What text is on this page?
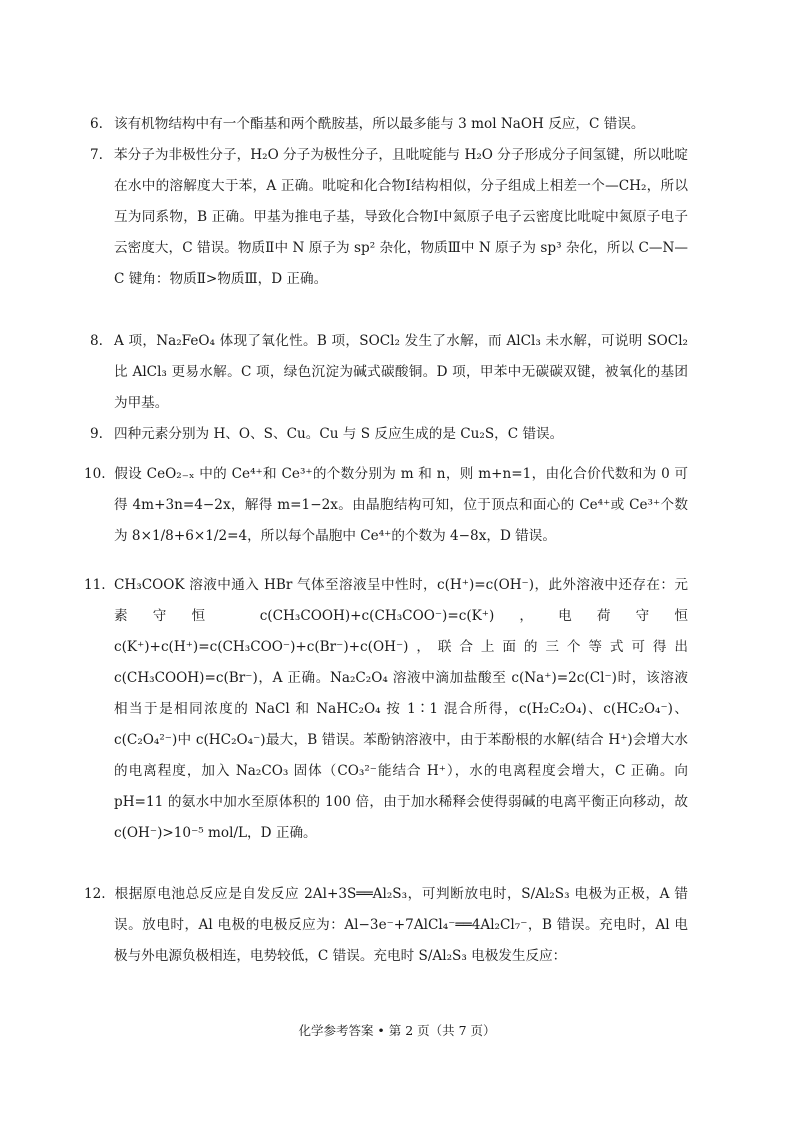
6. 该有机物结构中有一个酯基和两个酰胺基，所以最多能与 3 mol NaOH 反应，C 错误。
7. 苯分子为非极性分子，H₂O 分子为极性分子，且吡啶能与 H₂O 分子形成分子间氢键，所以吡啶在水中的溶解度大于苯，A 正确。吡啶和化合物Ⅰ结构相似，分子组成上相差一个—CH₂，所以互为同系物，B 正确。甲基为推电子基，导致化合物Ⅰ中氮原子电子云密度比吡啶中氮原子电子云密度大，C 错误。物质Ⅱ中 N 原子为 sp² 杂化，物质Ⅲ中 N 原子为 sp³ 杂化，所以 C—N—C 键角：物质Ⅱ>物质Ⅲ，D 正确。
8. A 项，Na₂FeO₄ 体现了氧化性。B 项，SOCl₂ 发生了水解，而 AlCl₃ 未水解，可说明 SOCl₂ 比 AlCl₃ 更易水解。C 项，绿色沉淀为碱式碳酸铜。D 项，甲苯中无碳碳双键，被氧化的基团为甲基。
9. 四种元素分别为 H、O、S、Cu。Cu 与 S 反应生成的是 Cu₂S，C 错误。
10. 假设 CeO₂₋ₓ 中的 Ce⁴⁺和 Ce³⁺的个数分别为 m 和 n，则 m+n=1，由化合价代数和为 0 可得 4m+3n=4−2x，解得 m=1−2x。由晶胞结构可知，位于顶点和面心的 Ce⁴⁺或 Ce³⁺个数为 8×1/8+6×1/2=4，所以每个晶胞中 Ce⁴⁺的个数为 4−8x，D 错误。
11. CH₃COOK 溶液中通入 HBr 气体至溶液呈中性时，c(H⁺)=c(OH⁻)，此外溶液中还存在：元素守恒 c(CH₃COOH)+c(CH₃COO⁻)=c(K⁺)，电荷守恒 c(K⁺)+c(H⁺)=c(CH₃COO⁻)+c(Br⁻)+c(OH⁻)，联合上面的三个等式可得出 c(CH₃COOH)=c(Br⁻)，A 正确。Na₂C₂O₄ 溶液中滴加盐酸至 c(Na⁺)=2c(Cl⁻)时，该溶液相当于是相同浓度的 NaCl 和 NaHC₂O₄ 按 1∶1 混合所得，c(H₂C₂O₄)、c(HC₂O₄⁻)、c(C₂O₄²⁻)中 c(HC₂O₄⁻)最大，B 错误。苯酚钠溶液中，由于苯酚根的水解(结合 H⁺)会增大水的电离程度，加入 Na₂CO₃ 固体（CO₃²⁻能结合 H⁺），水的电离程度会增大，C 正确。向 pH=11 的氨水中加水至原体积的 100 倍，由于加水稀释会使得弱碱的电离平衡正向移动，故 c(OH⁻)>10⁻⁵ mol/L，D 正确。
12. 根据原电池总反应是自发反应 2Al+3S══Al₂S₃，可判断放电时，S/Al₂S₃ 电极为正极，A 错误。放电时，Al 电极的电极反应为：Al−3e⁻+7AlCl₄⁻══4Al₂Cl₇⁻，B 错误。充电时，Al 电极与外电源负极相连，电势较低，C 错误。充电时 S/Al₂S₃ 电极发生反应：
化学参考答案 • 第 2 页（共 7 页）
